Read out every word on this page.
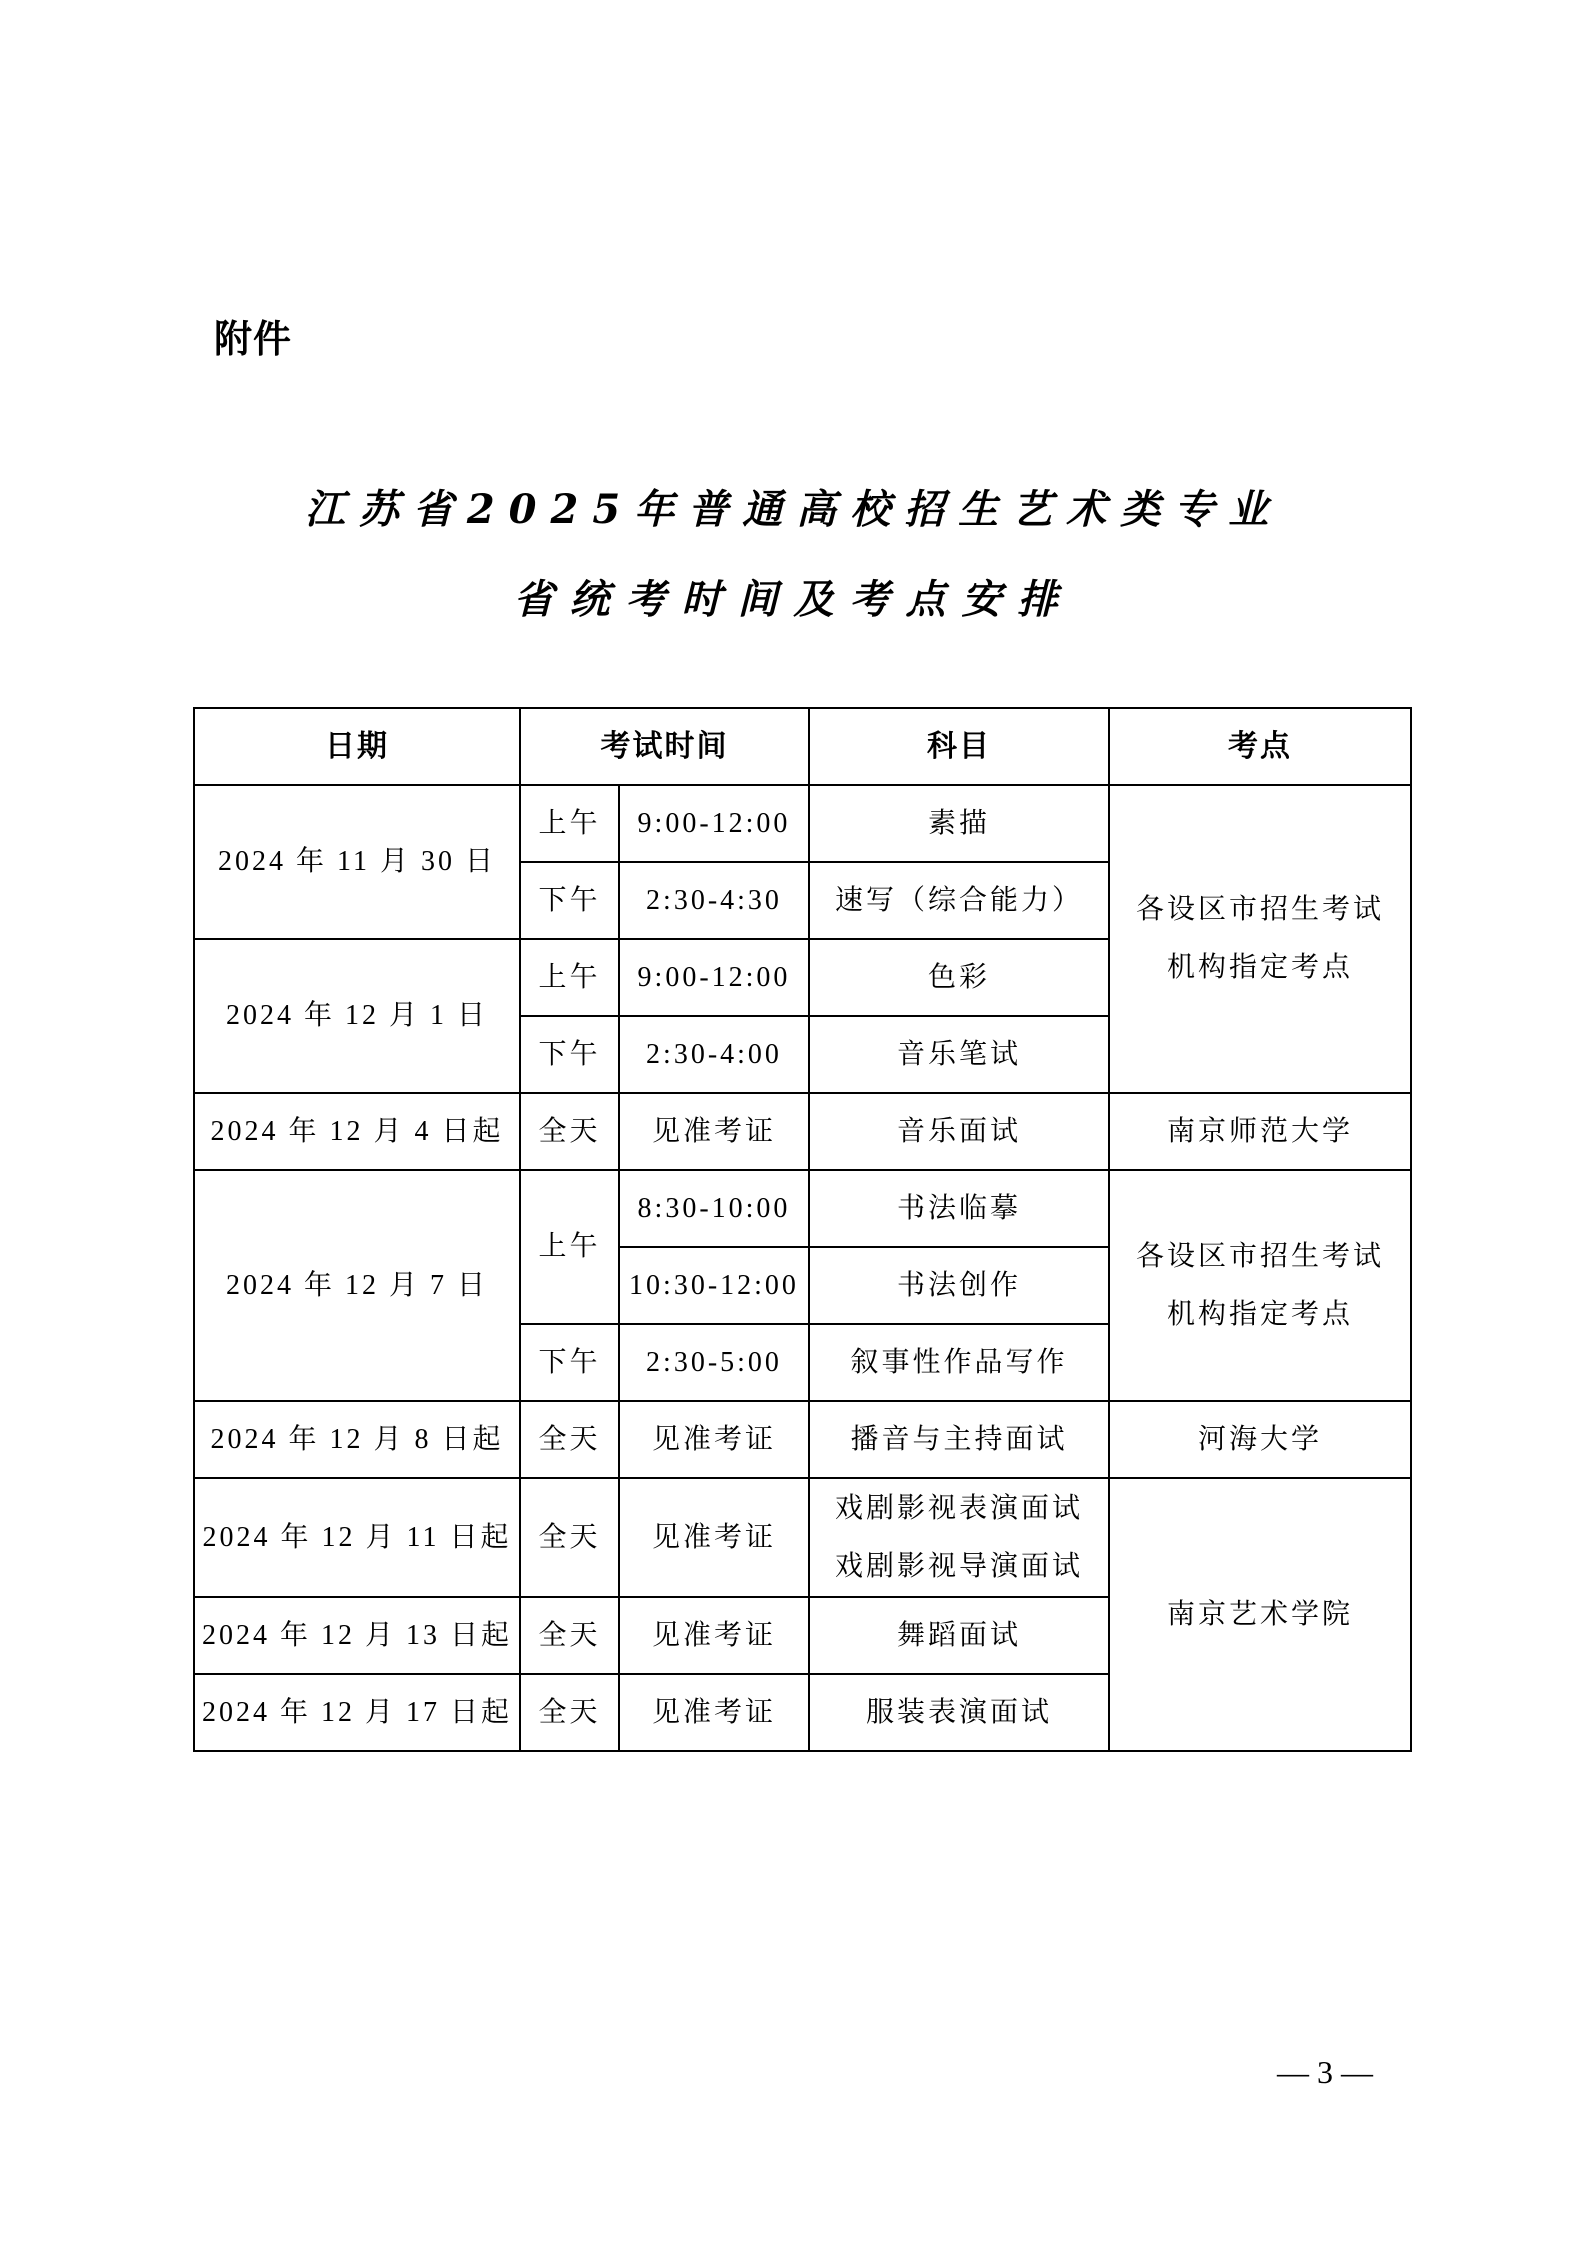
附件
江苏省2025年普通高校招生艺术类专业
省统考时间及考点安排
日期	考试时间		科目	考点
2024 年 11 月 30 日	上午	9:00-12:00	素描	各设区市招生考试
机构指定考点

	下午	2:30-4:30	速写（综合能力）	
2024 年 12 月 1 日	上午	9:00-12:00	色彩	
	下午	2:30-4:00	音乐笔试	
2024 年 12 月 4 日起	全天	见准考证	音乐面试	南京师范大学
2024 年 12 月 7 日	上午	8:30-10:00	书法临摹	各设区市招生考试
机构指定考点

		10:30-12:00	书法创作	
	下午	2:30-5:00	叙事性作品写作	
2024 年 12 月 8 日起	全天	见准考证	播音与主持面试	河海大学
2024 年 12 月 11 日起	全天	见准考证	戏剧影视表演面试
戏剧影视导演面试	南京艺术学院
2024 年 12 月 13 日起	全天	见准考证	舞蹈面试	
2024 年 12 月 17 日起	全天	见准考证	服装表演面试	
— 3 —
